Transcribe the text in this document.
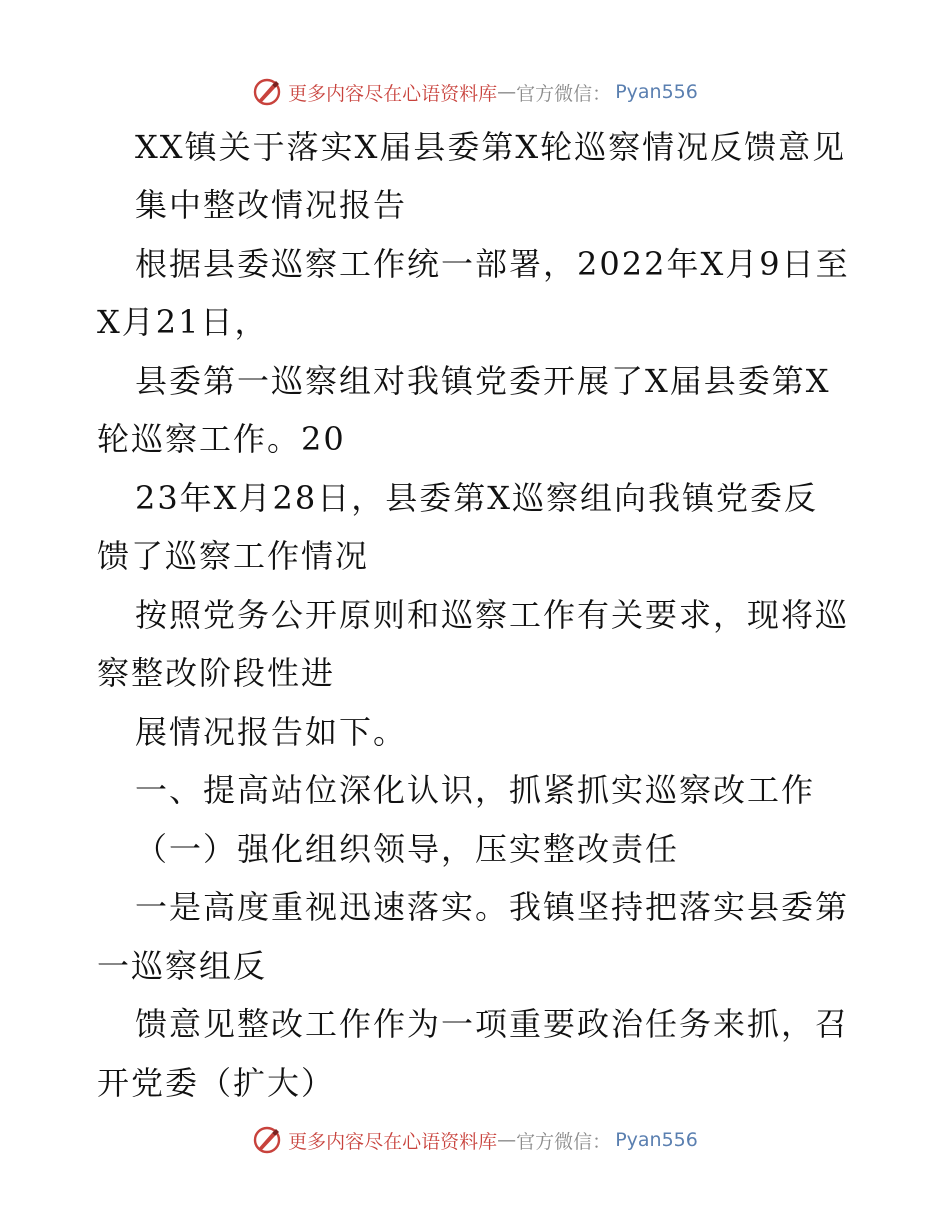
更多内容尽在心语资料库 — 官方微信： Pyan556
XX镇关于落实X届县委第X轮巡察情况反馈意见
集中整改情况报告
根据县委巡察工作统一部署，2022年X月9日至
X月21日，
县委第一巡察组对我镇党委开展了X届县委第X
轮巡察工作。20
23年X月28日，县委第X巡察组向我镇党委反
馈了巡察工作情况
按照党务公开原则和巡察工作有关要求，现将巡
察整改阶段性进
展情况报告如下。
一、提高站位深化认识，抓紧抓实巡察改工作
（一）强化组织领导，压实整改责任
一是高度重视迅速落实。我镇坚持把落实县委第
一巡察组反
馈意见整改工作作为一项重要政治任务来抓，召
开党委（扩大）
更多内容尽在心语资料库 — 官方微信： Pyan556
